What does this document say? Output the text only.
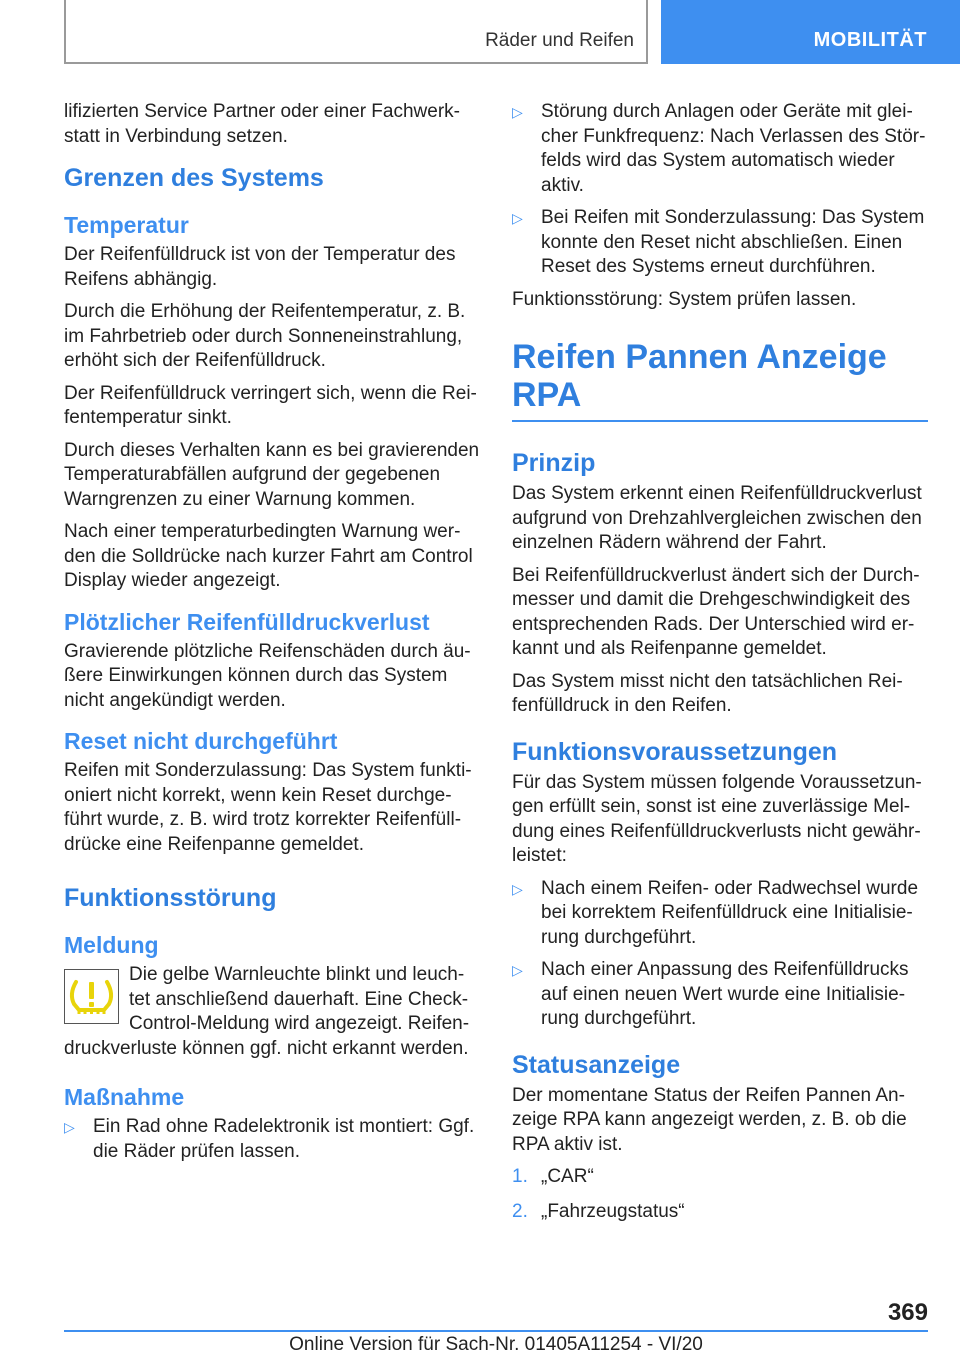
Räder und Reifen	MOBILITÄT

lifizierten Service Partner oder einer Fachwerk-statt in Verbindung setzen.

Grenzen des Systems
Temperatur

Der Reifenfülldruck ist von der Temperatur des Reifens abhängig.

Durch die Erhöhung der Reifentemperatur, z. B. im Fahrbetrieb oder durch Sonneneinstrahlung, erhöht sich der Reifenfülldruck.

Der Reifenfülldruck verringert sich, wenn die Rei-fentemperatur sinkt.

Durch dieses Verhalten kann es bei gravierenden Temperaturabfällen aufgrund der gegebenen Warngrenzen zu einer Warnung kommen.

Nach einer temperaturbedingten Warnung wer-den die Solldrücke nach kurzer Fahrt am Control Display wieder angezeigt.

Plötzlicher Reifenfülldruckverlust

Gravierende plötzliche Reifenschäden durch äu-ßere Einwirkungen können durch das System nicht angekündigt werden.

Reset nicht durchgeführt

Reifen mit Sonderzulassung: Das System funkti-oniert nicht korrekt, wenn kein Reset durchge-führt wurde, z. B. wird trotz korrekter Reifenfüll-drücke eine Reifenpanne gemeldet.

Funktionsstörung
Meldung

Die gelbe Warnleuchte blinkt und leuch-tet anschließend dauerhaft. Eine Check-Control-Meldung wird angezeigt. Reifen-druckverluste können ggf. nicht erkannt werden.

Maßnahme
▷ Ein Rad ohne Radelektronik ist montiert: Ggf. die Räder prüfen lassen.
▷ Störung durch Anlagen oder Geräte mit glei-cher Funkfrequenz: Nach Verlassen des Stör-felds wird das System automatisch wieder aktiv.
▷ Bei Reifen mit Sonderzulassung: Das System konnte den Reset nicht abschließen. Einen Reset des Systems erneut durchführen.

Funktionsstörung: System prüfen lassen.

Reifen Pannen Anzeige RPA
Prinzip

Das System erkennt einen Reifenfülldruckverlust aufgrund von Drehzahlvergleichen zwischen den einzelnen Rädern während der Fahrt.

Bei Reifenfülldruckverlust ändert sich der Durch-messer und damit die Drehgeschwindigkeit des entsprechenden Rads. Der Unterschied wird er-kannt und als Reifenpanne gemeldet.

Das System misst nicht den tatsächlichen Rei-fenfülldruck in den Reifen.

Funktionsvoraussetzungen

Für das System müssen folgende Voraussetzun-gen erfüllt sein, sonst ist eine zuverlässige Mel-dung eines Reifenfülldruckverlusts nicht gewähr-leistet:

▷ Nach einem Reifen- oder Radwechsel wurde bei korrektem Reifenfülldruck eine Initialisie-rung durchgeführt.
▷ Nach einer Anpassung des Reifenfülldrucks auf einen neuen Wert wurde eine Initialisie-rung durchgeführt.
Statusanzeige

Der momentane Status der Reifen Pannen An-zeige RPA kann angezeigt werden, z. B. ob die RPA aktiv ist.

1. „CAR“
2. „Fahrzeugstatus“
369
Online Version für Sach-Nr. 01405A11254 - VI/20
